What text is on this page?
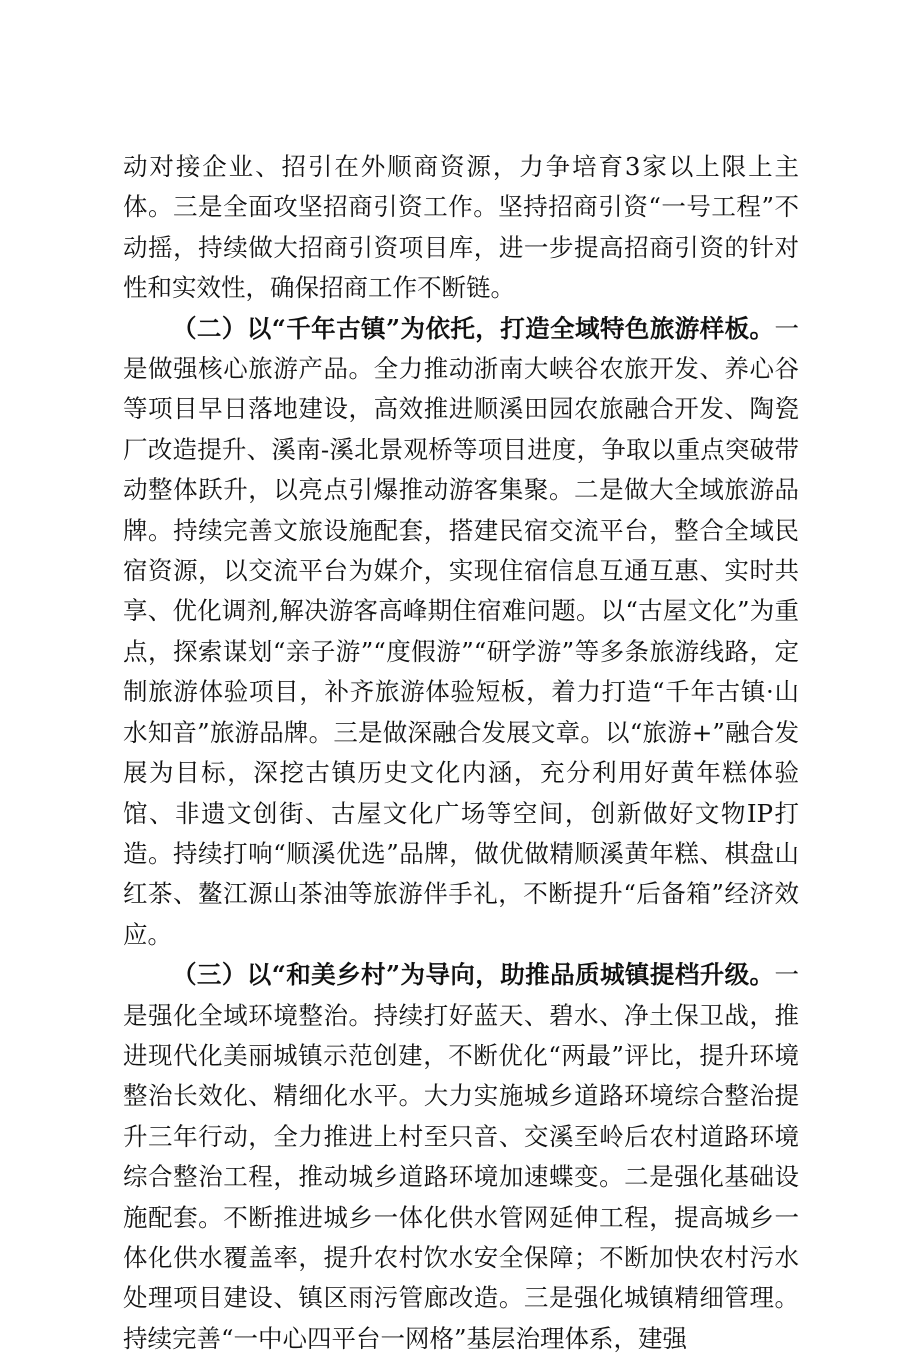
动对接企业、招引在外顺商资源，力争培育3家以上限上主体。三是全面攻坚招商引资工作。坚持招商引资“一号工程”不动摇，持续做大招商引资项目库，进一步提高招商引资的针对性和实效性，确保招商工作不断链。

（二）以“千年古镇”为依托，打造全域特色旅游样板。一是做强核心旅游产品。全力推动浙南大峡谷农旅开发、养心谷等项目早日落地建设，高效推进顺溪田园农旅融合开发、陶瓷厂改造提升、溪南-溪北景观桥等项目进度，争取以重点突破带动整体跃升，以亮点引爆推动游客集聚。二是做大全域旅游品牌。持续完善文旅设施配套，搭建民宿交流平台，整合全域民宿资源，以交流平台为媒介，实现住宿信息互通互惠、实时共享、优化调剂,解决游客高峰期住宿难问题。以“古屋文化”为重点，探索谋划“亲子游”“度假游”“研学游”等多条旅游线路，定制旅游体验项目，补齐旅游体验短板，着力打造“千年古镇·山水知音”旅游品牌。三是做深融合发展文章。以“旅游+”融合发展为目标，深挖古镇历史文化内涵，充分利用好黄年糕体验馆、非遗文创街、古屋文化广场等空间，创新做好文物IP打造。持续打响“顺溪优选”品牌，做优做精顺溪黄年糕、棋盘山红茶、鳌江源山茶油等旅游伴手礼，不断提升“后备箱”经济效应。

（三）以“和美乡村”为导向，助推品质城镇提档升级。一是强化全域环境整治。持续打好蓝天、碧水、净土保卫战，推进现代化美丽城镇示范创建，不断优化“两最”评比，提升环境整治长效化、精细化水平。大力实施城乡道路环境综合整治提升三年行动，全力推进上村至只音、交溪至岭后农村道路环境综合整治工程，推动城乡道路环境加速蝶变。二是强化基础设施配套。不断推进城乡一体化供水管网延伸工程，提高城乡一体化供水覆盖率，提升农村饮水安全保障；不断加快农村污水处理项目建设、镇区雨污管廊改造。三是强化城镇精细管理。持续完善“一中心四平台一网格”基层治理体系，建强
